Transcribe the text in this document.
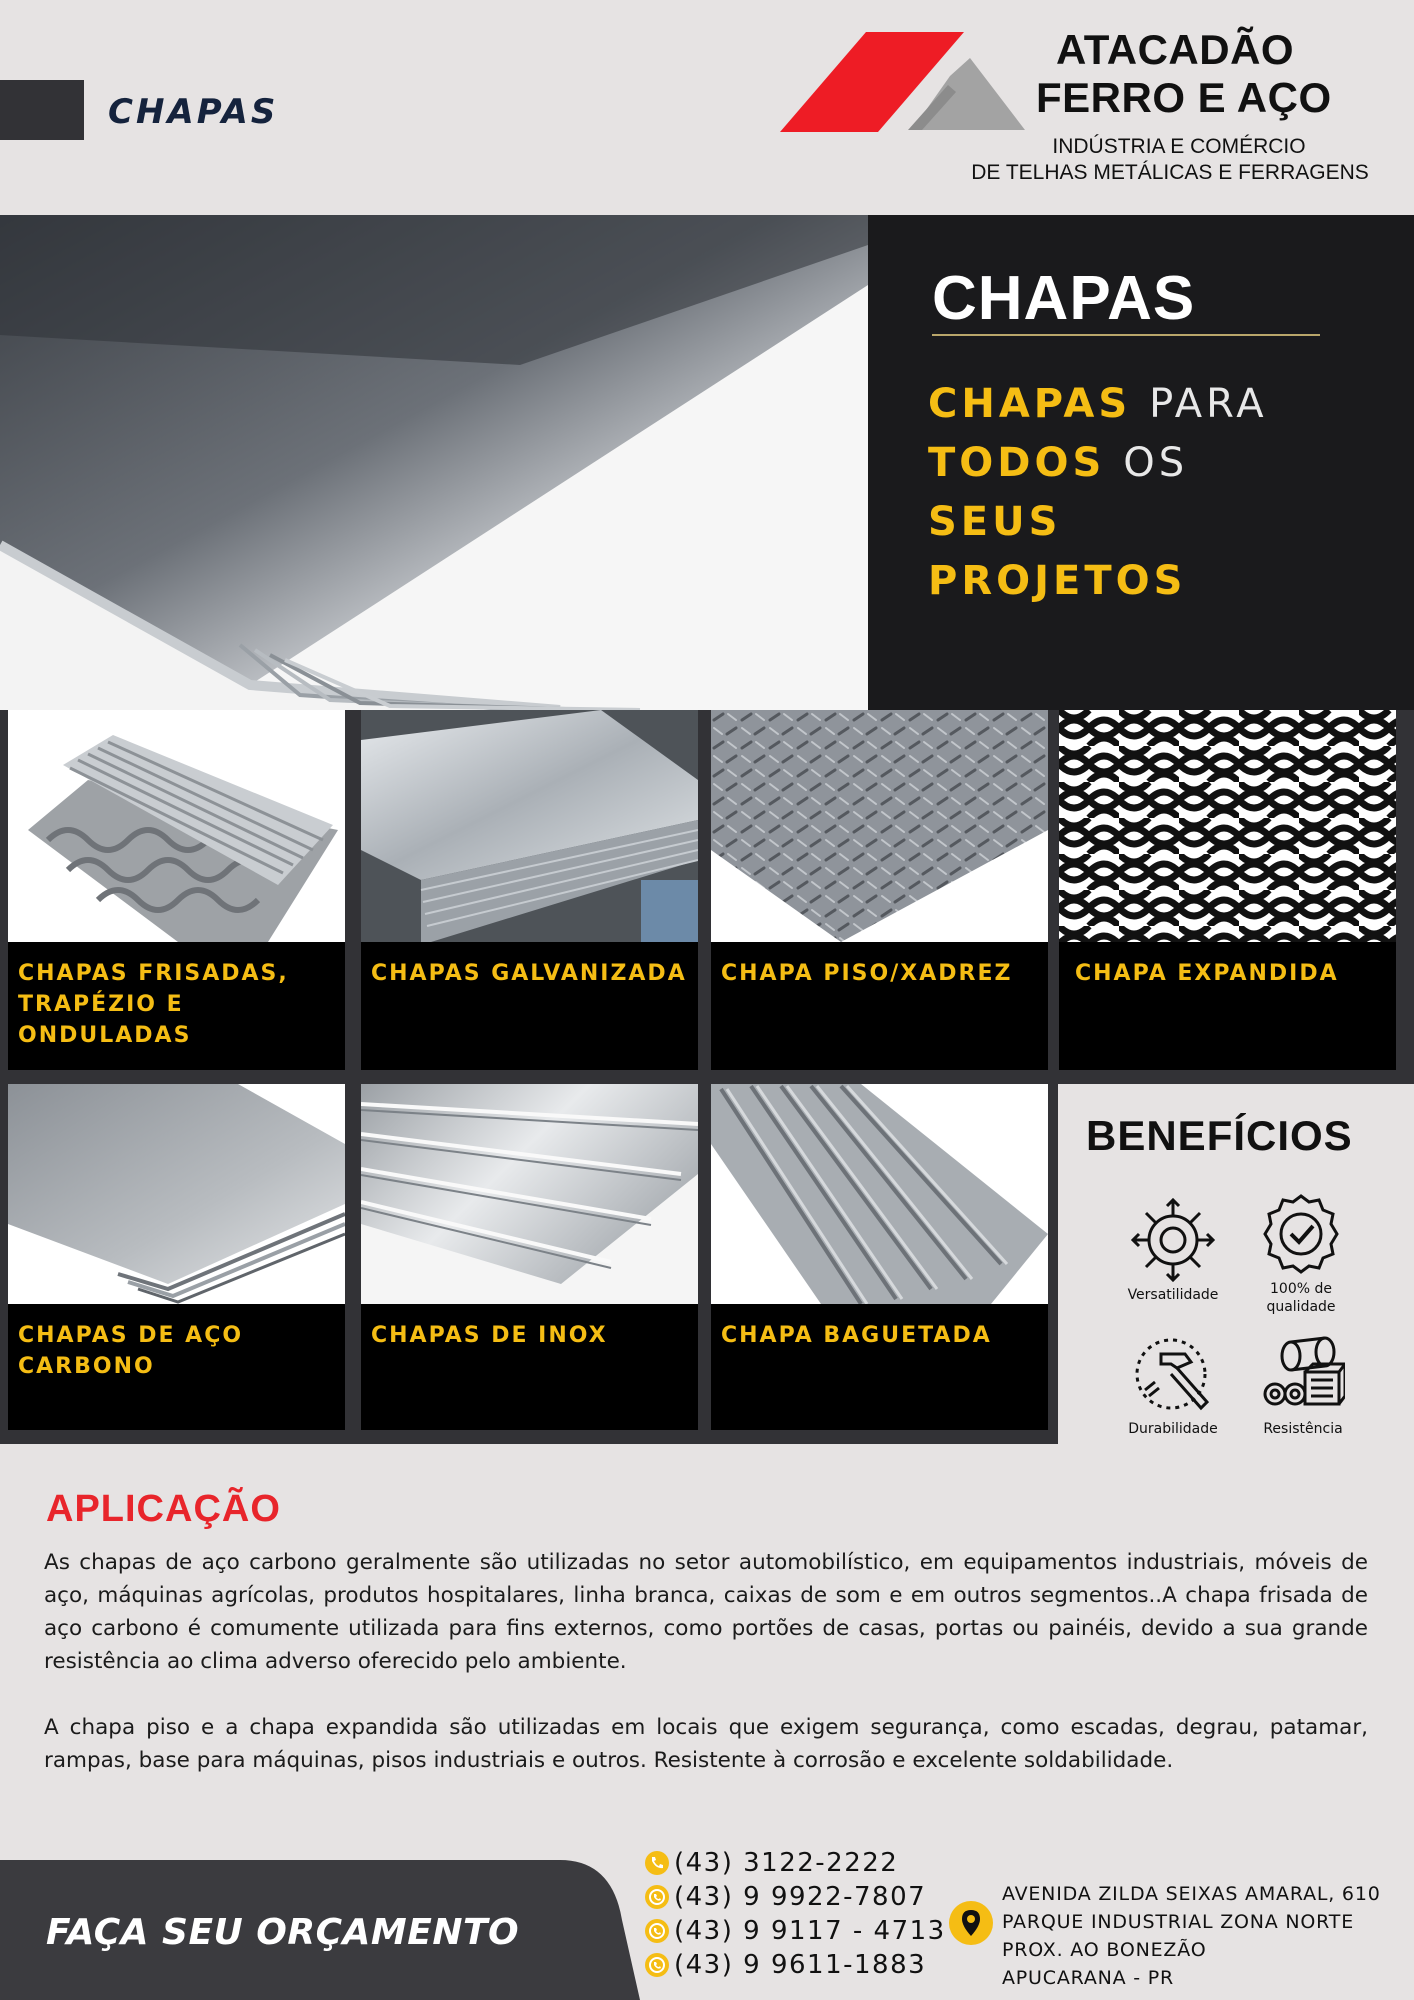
CHAPAS
ATACADÃO
FERRO E AÇO
INDÚSTRIA E COMÉRCIO
DE TELHAS METÁLICAS E FERRAGENS
CHAPAS
CHAPAS PARA
TODOS OS
SEUS
PROJETOS
CHAPAS FRISADAS, TRAPÉZIO E ONDULADAS
CHAPAS GALVANIZADA CHAPA PISO/XADREZ	CHAPA EXPANDIDA
CHAPAS DE AÇO CARBONO
CHAPAS DE INOX	CHAPA BAGUETADA
BENEFÍCIOS
Versatilidade	100% de
qualidade
Durabilidade	Resistência
APLICAÇÃO

As chapas de aço carbono geralmente são utilizadas no setor automobilístico, em equipamentos industriais, móveis de aço, máquinas agrícolas, produtos hospitalares, linha branca, caixas de som e em outros segmentos..A chapa frisada de aço carbono é comumente utilizada para fins externos, como portões de casas, portas ou painéis, devido a sua grande resistência ao clima adverso oferecido pelo ambiente.

A chapa piso e a chapa expandida são utilizadas em locais que exigem segurança, como escadas, degrau, patamar, rampas, base para máquinas, pisos industriais e outros. Resistente à corrosão e excelente soldabilidade.

FAÇA SEU ORÇAMENTO
(43) 3122-2222
(43) 9 9922-7807
(43) 9 9117 - 4713
(43) 9 9611-1883
AVENIDA ZILDA SEIXAS AMARAL, 610
PARQUE INDUSTRIAL ZONA NORTE
PROX. AO BONEZÃO
APUCARANA - PR
